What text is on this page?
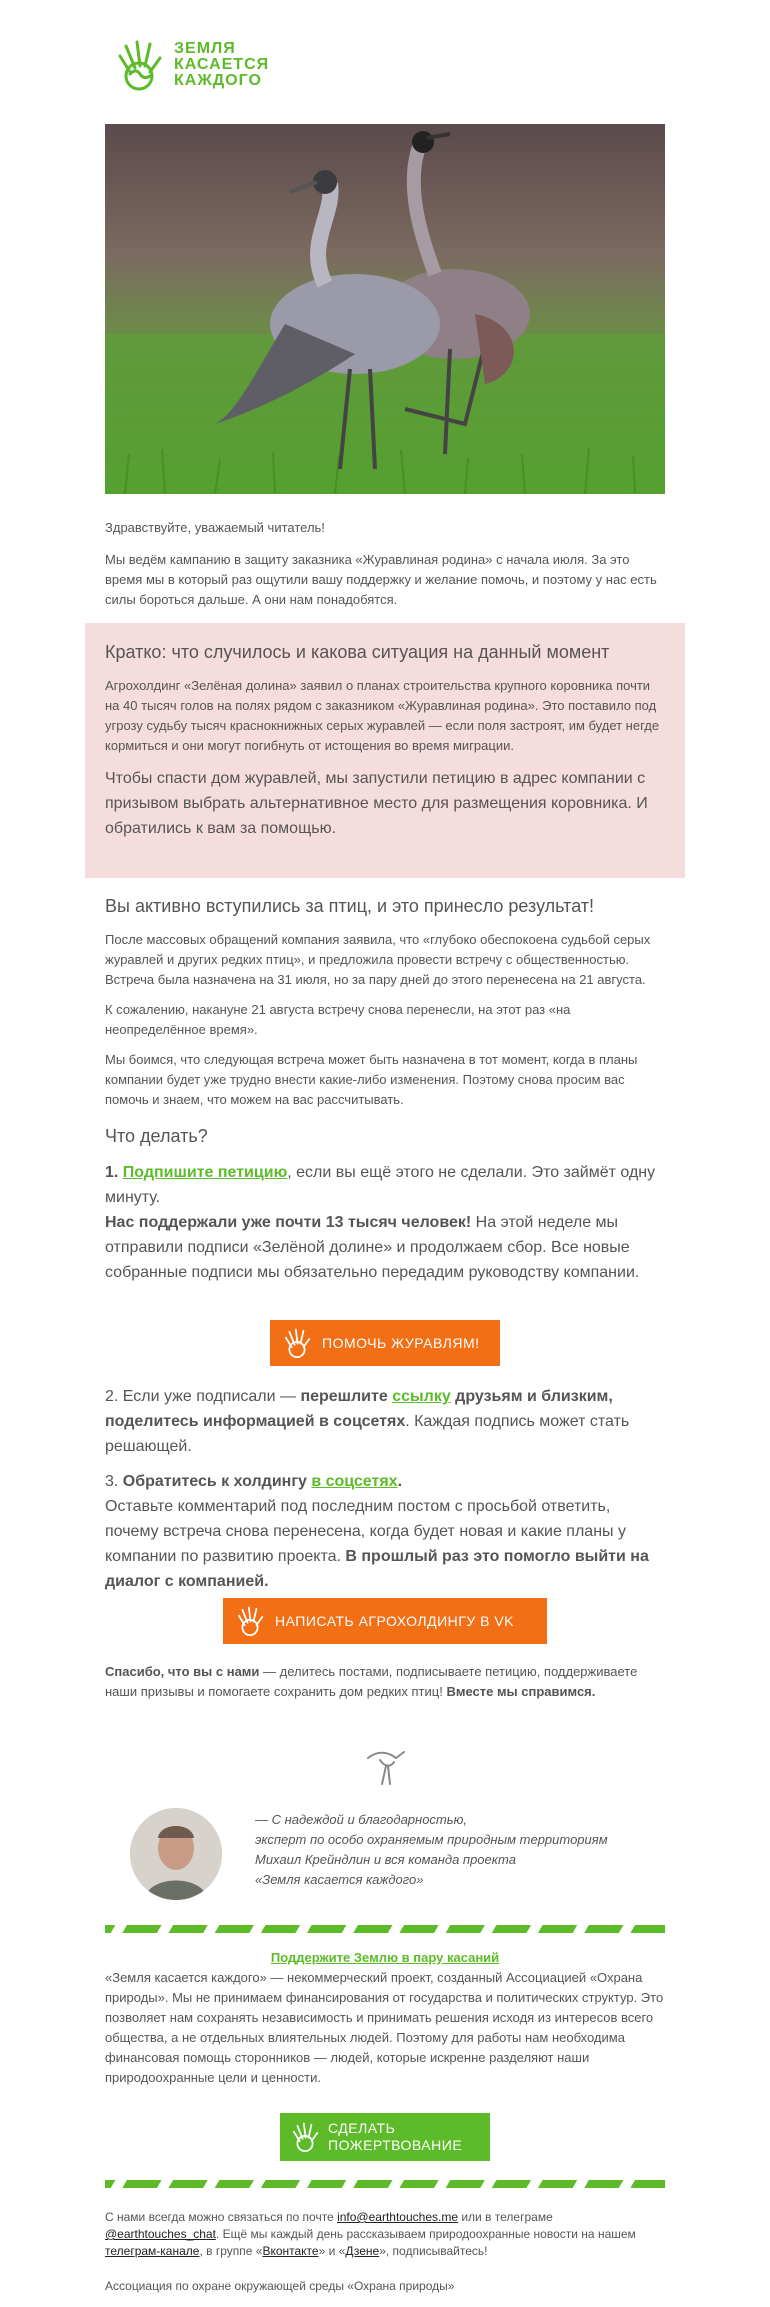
ЗЕМЛЯ
КАСАЕТСЯ
КАЖДОГО

Здравствуйте, уважаемый читатель!

Мы ведём кампанию в защиту заказника «Журавлиная родина» с начала июля. За это время мы в который раз ощутили вашу поддержку и желание помочь, и поэтому у нас есть силы бороться дальше. А они нам понадобятся.

Кратко: что случилось и какова ситуация на данный момент

Агрохолдинг «Зелёная долина» заявил о планах строительства крупного коровника почти на 40 тысяч голов на полях рядом с заказником «Журавлиная родина». Это поставило под угрозу судьбу тысяч краснокнижных серых журавлей — если поля застроят, им будет негде кормиться и они могут погибнуть от истощения во время миграции.

Чтобы спасти дом журавлей, мы запустили петицию в адрес компании с призывом выбрать альтернативное место для размещения коровника. И обратились к вам за помощью.

Вы активно вступились за птиц, и это принесло результат!

После массовых обращений компания заявила, что «глубоко обеспокоена судьбой серых журавлей и других редких птиц», и предложила провести встречу с общественностью. Встреча была назначена на 31 июля, но за пару дней до этого перенесена на 21 августа.

К сожалению, накануне 21 августа встречу снова перенесли, на этот раз «на неопределённое время».

Мы боимся, что следующая встреча может быть назначена в тот момент, когда в планы компании будет уже трудно внести какие-либо изменения. Поэтому снова просим вас помочь и знаем, что можем на вас рассчитывать.

Что делать?

1. Подпишите петицию, если вы ещё этого не сделали. Это займёт одну минуту.
Нас поддержали уже почти 13 тысяч человек! На этой неделе мы отправили подписи «Зелёной долине» и продолжаем сбор. Все новые собранные подписи мы обязательно передадим руководству компании.

ПОМОЧЬ ЖУРАВЛЯМ!

2. Если уже подписали — перешлите ссылку друзьям и близким, поделитесь информацией в соцсетях. Каждая подпись может стать решающей.

3. Обратитесь к холдингу в соцсетях.
Оставьте комментарий под последним постом с просьбой ответить, почему встреча снова перенесена, когда будет новая и какие планы у компании по развитию проекта. В прошлый раз это помогло выйти на диалог с компанией.

НАПИСАТЬ АГРОХОЛДИНГУ В VK

Спасибо, что вы с нами — делитесь постами, подписываете петицию, поддерживаете наши призывы и помогаете сохранить дом редких птиц! Вместе мы справимся.

— С надеждой и благодарностью,
эксперт по особо охраняемым природным территориям
Михаил Крейндлин и вся команда проекта
«Земля касается каждого»

Поддержите Землю в пару касаний

«Земля касается каждого» — некоммерческий проект, созданный Ассоциацией «Охрана природы». Мы не принимаем финансирования от государства и политических структур. Это позволяет нам сохранять независимость и принимать решения исходя из интересов всего общества, а не отдельных влиятельных людей. Поэтому для работы нам необходима финансовая помощь сторонников — людей, которые искренне разделяют наши природоохранные цели и ценности.

СДЕЛАТЬ
ПОЖЕРТВОВАНИЕ

С нами всегда можно связаться по почте info@earthtouches.me или в телеграме @earthtouches_chat. Ещё мы каждый день рассказываем природоохранные новости на нашем телеграм-канале, в группе «Вконтакте» и «Дзене», подписывайтесь!

Ассоциация по охране окружающей среды «Охрана природы»
